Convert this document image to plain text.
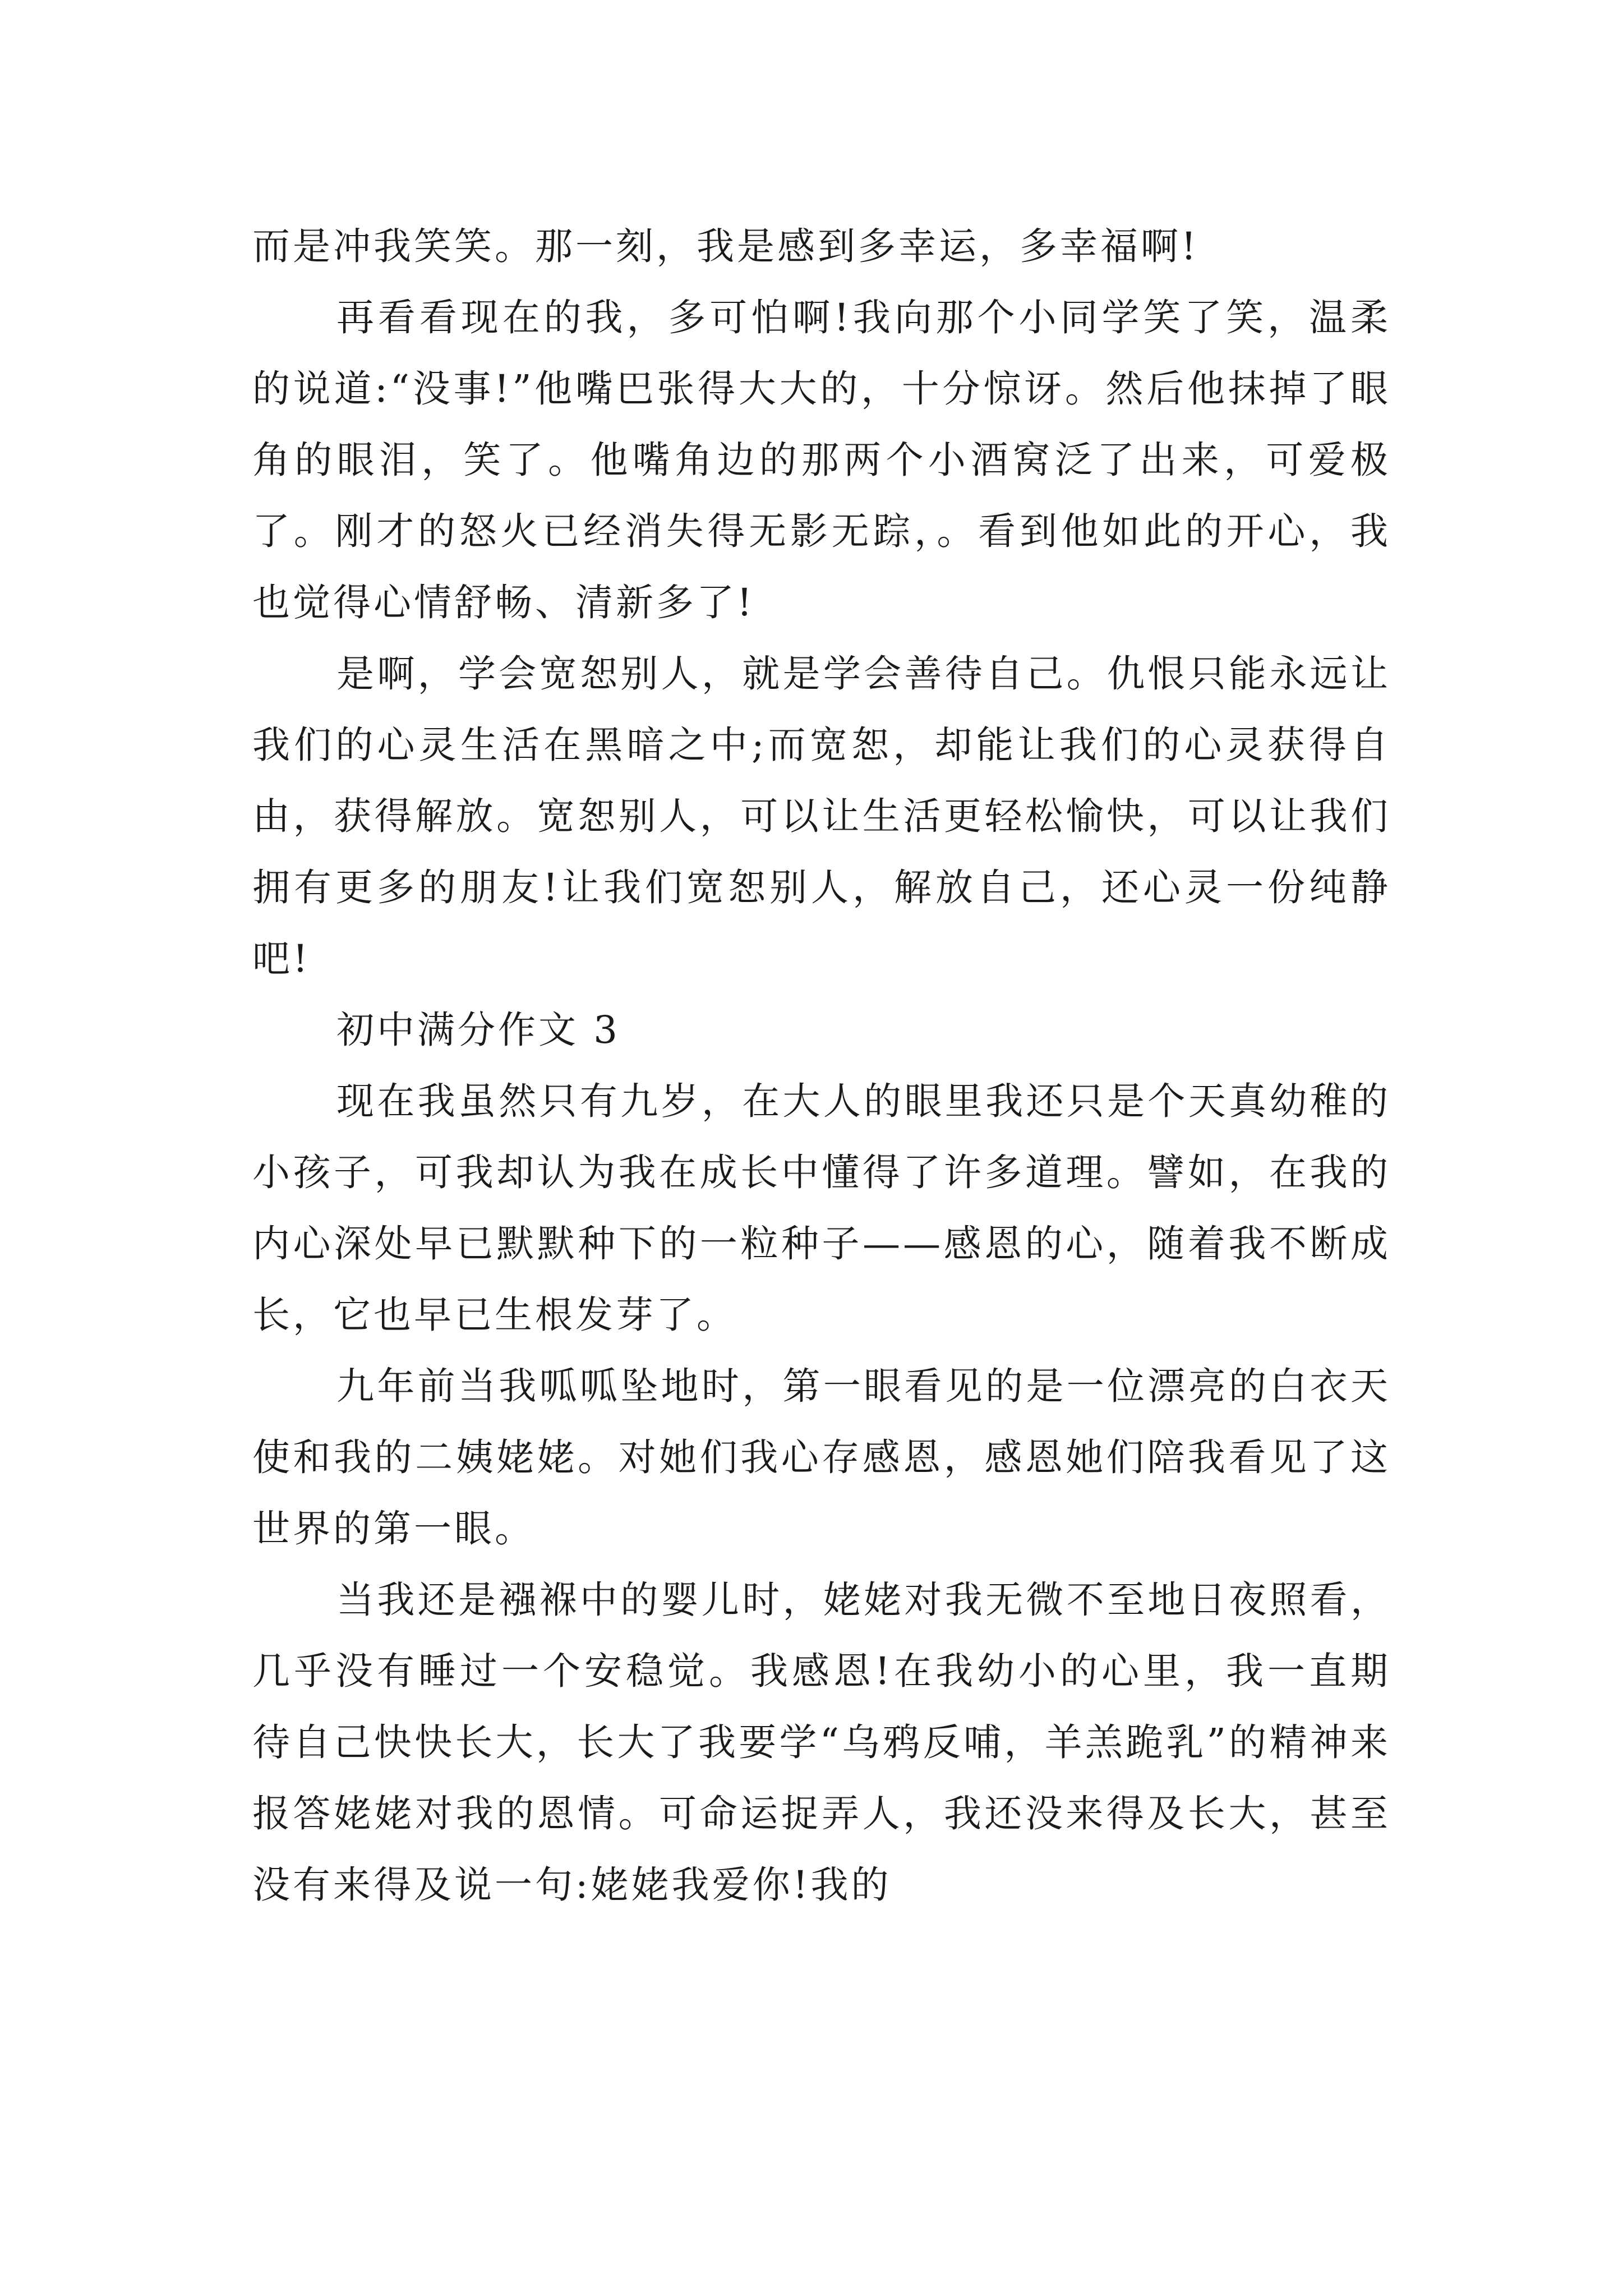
而是冲我笑笑。那一刻，我是感到多幸运，多幸福啊!

再看看现在的我，多可怕啊!我向那个小同学笑了笑，温柔的说道:“没事!”他嘴巴张得大大的，十分惊讶。然后他抹掉了眼角的眼泪，笑了。他嘴角边的那两个小酒窝泛了出来，可爱极了。刚才的怒火已经消失得无影无踪，。看到他如此的开心，我也觉得心情舒畅、清新多了!

是啊，学会宽恕别人，就是学会善待自己。仇恨只能永远让我们的心灵生活在黑暗之中;而宽恕，却能让我们的心灵获得自由，获得解放。宽恕别人，可以让生活更轻松愉快，可以让我们拥有更多的朋友!让我们宽恕别人，解放自己，还心灵一份纯静吧!

初中满分作文 3

现在我虽然只有九岁，在大人的眼里我还只是个天真幼稚的小孩子，可我却认为我在成长中懂得了许多道理。譬如，在我的内心深处早已默默种下的一粒种子——感恩的心，随着我不断成长，它也早已生根发芽了。

九年前当我呱呱坠地时，第一眼看见的是一位漂亮的白衣天使和我的二姨姥姥。对她们我心存感恩，感恩她们陪我看见了这世界的第一眼。

当我还是襁褓中的婴儿时，姥姥对我无微不至地日夜照看，几乎没有睡过一个安稳觉。我感恩!在我幼小的心里，我一直期待自己快快长大，长大了我要学“乌鸦反哺，羊羔跪乳”的精神来报答姥姥对我的恩情。可命运捉弄人，我还没来得及长大，甚至没有来得及说一句:姥姥我爱你!我的
